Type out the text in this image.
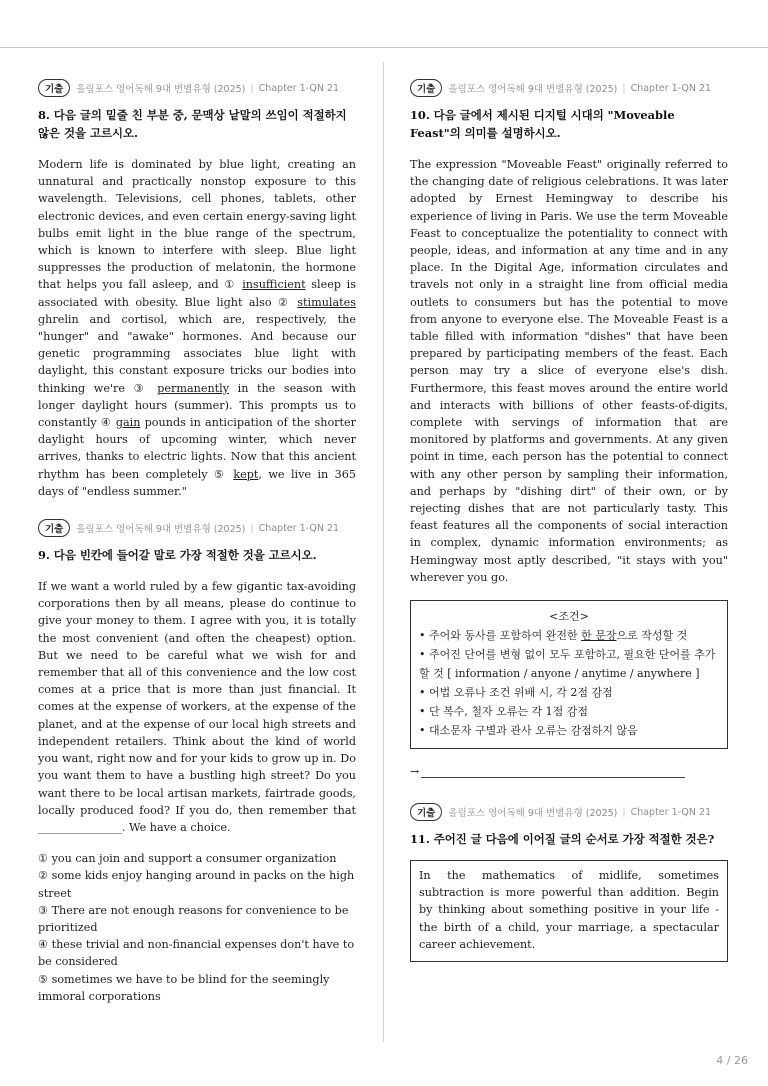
기출	올림포스 영어독해 9대 변별유형 (2025) | Chapter 1-QN 21

8. 다음 글의 밑줄 친 부분 중, 문맥상 낱말의 쓰임이 적절하지 않은 것을 고르시오.

Modern life is dominated by blue light, creating an unnatural and practically nonstop exposure to this wavelength. Televisions, cell phones, tablets, other electronic devices, and even certain energy-saving light bulbs emit light in the blue range of the spectrum, which is known to interfere with sleep. Blue light suppresses the production of melatonin, the hormone that helps you fall asleep, and ① insufficient sleep is associated with obesity. Blue light also ② stimulates ghrelin and cortisol, which are, respectively, the "hunger" and "awake" hormones. And because our genetic programming associates blue light with daylight, this constant exposure tricks our bodies into thinking we're ③ permanently in the season with longer daylight hours (summer). This prompts us to constantly ④ gain pounds in anticipation of the shorter daylight hours of upcoming winter, which never arrives, thanks to electric lights. Now that this ancient rhythm has been completely ⑤ kept, we live in 365 days of "endless summer."

기출	올림포스 영어독해 9대 변별유형 (2025) | Chapter 1-QN 21

9. 다음 빈칸에 들어갈 말로 가장 적절한 것을 고르시오.

If we want a world ruled by a few gigantic tax-avoiding corporations then by all means, please do continue to give your money to them. I agree with you, it is totally the most convenient (and often the cheapest) option. But we need to be careful what we wish for and remember that all of this convenience and the low cost comes at a price that is more than just financial. It comes at the expense of workers, at the expense of the planet, and at the expense of our local high streets and independent retailers. Think about the kind of world you want, right now and for your kids to grow up in. Do you want them to have a bustling high street? Do you want there to be local artisan markets, fairtrade goods, locally produced food? If you do, then remember that _______________. We have a choice.

① you can join and support a consumer organization

② some kids enjoy hanging around in packs on the high street

③ There are not enough reasons for convenience to be prioritized

④ these trivial and non-financial expenses don't have to be considered

⑤ sometimes we have to be blind for the seemingly immoral corporations

기출	올림포스 영어독해 9대 변별유형 (2025) | Chapter 1-QN 21

10. 다음 글에서 제시된 디지털 시대의 "Moveable Feast"의 의미를 설명하시오.

The expression "Moveable Feast" originally referred to the changing date of religious celebrations. It was later adopted by Ernest Hemingway to describe his experience of living in Paris. We use the term Moveable Feast to conceptualize the potentiality to connect with people, ideas, and information at any time and in any place. In the Digital Age, information circulates and travels not only in a straight line from official media outlets to consumers but has the potential to move from anyone to everyone else. The Moveable Feast is a table filled with information "dishes" that have been prepared by participating members of the feast. Each person may try a slice of everyone else's dish. Furthermore, this feast moves around the entire world and interacts with billions of other feasts-of-digits, complete with servings of information that are monitored by platforms and governments. At any given point in time, each person has the potential to connect with any other person by sampling their information, and perhaps by "dishing dirt" of their own, or by rejecting dishes that are not particularly tasty. This feast features all the components of social interaction in complex, dynamic information environments; as Hemingway most aptly described, "it stays with you" wherever you go.

<조건>

• 주어와 동사를 포함하여 완전한 한 문장으로 작성할 것

• 주어진 단어를 변형 없이 모두 포함하고, 필요한 단어를 추가할 것 [ information / anyone / anytime / anywhere ]

• 어법 오류나 조건 위배 시, 각 2점 감점

• 단 복수, 철자 오류는 각 1점 감점

• 대소문자 구별과 관사 오류는 감점하지 않음

→
기출	올림포스 영어독해 9대 변별유형 (2025) | Chapter 1-QN 21

11. 주어진 글 다음에 이어질 글의 순서로 가장 적절한 것은?

In the mathematics of midlife, sometimes subtraction is more powerful than addition. Begin by thinking about something positive in your life - the birth of a child, your marriage, a spectacular career achievement.
4 / 26
